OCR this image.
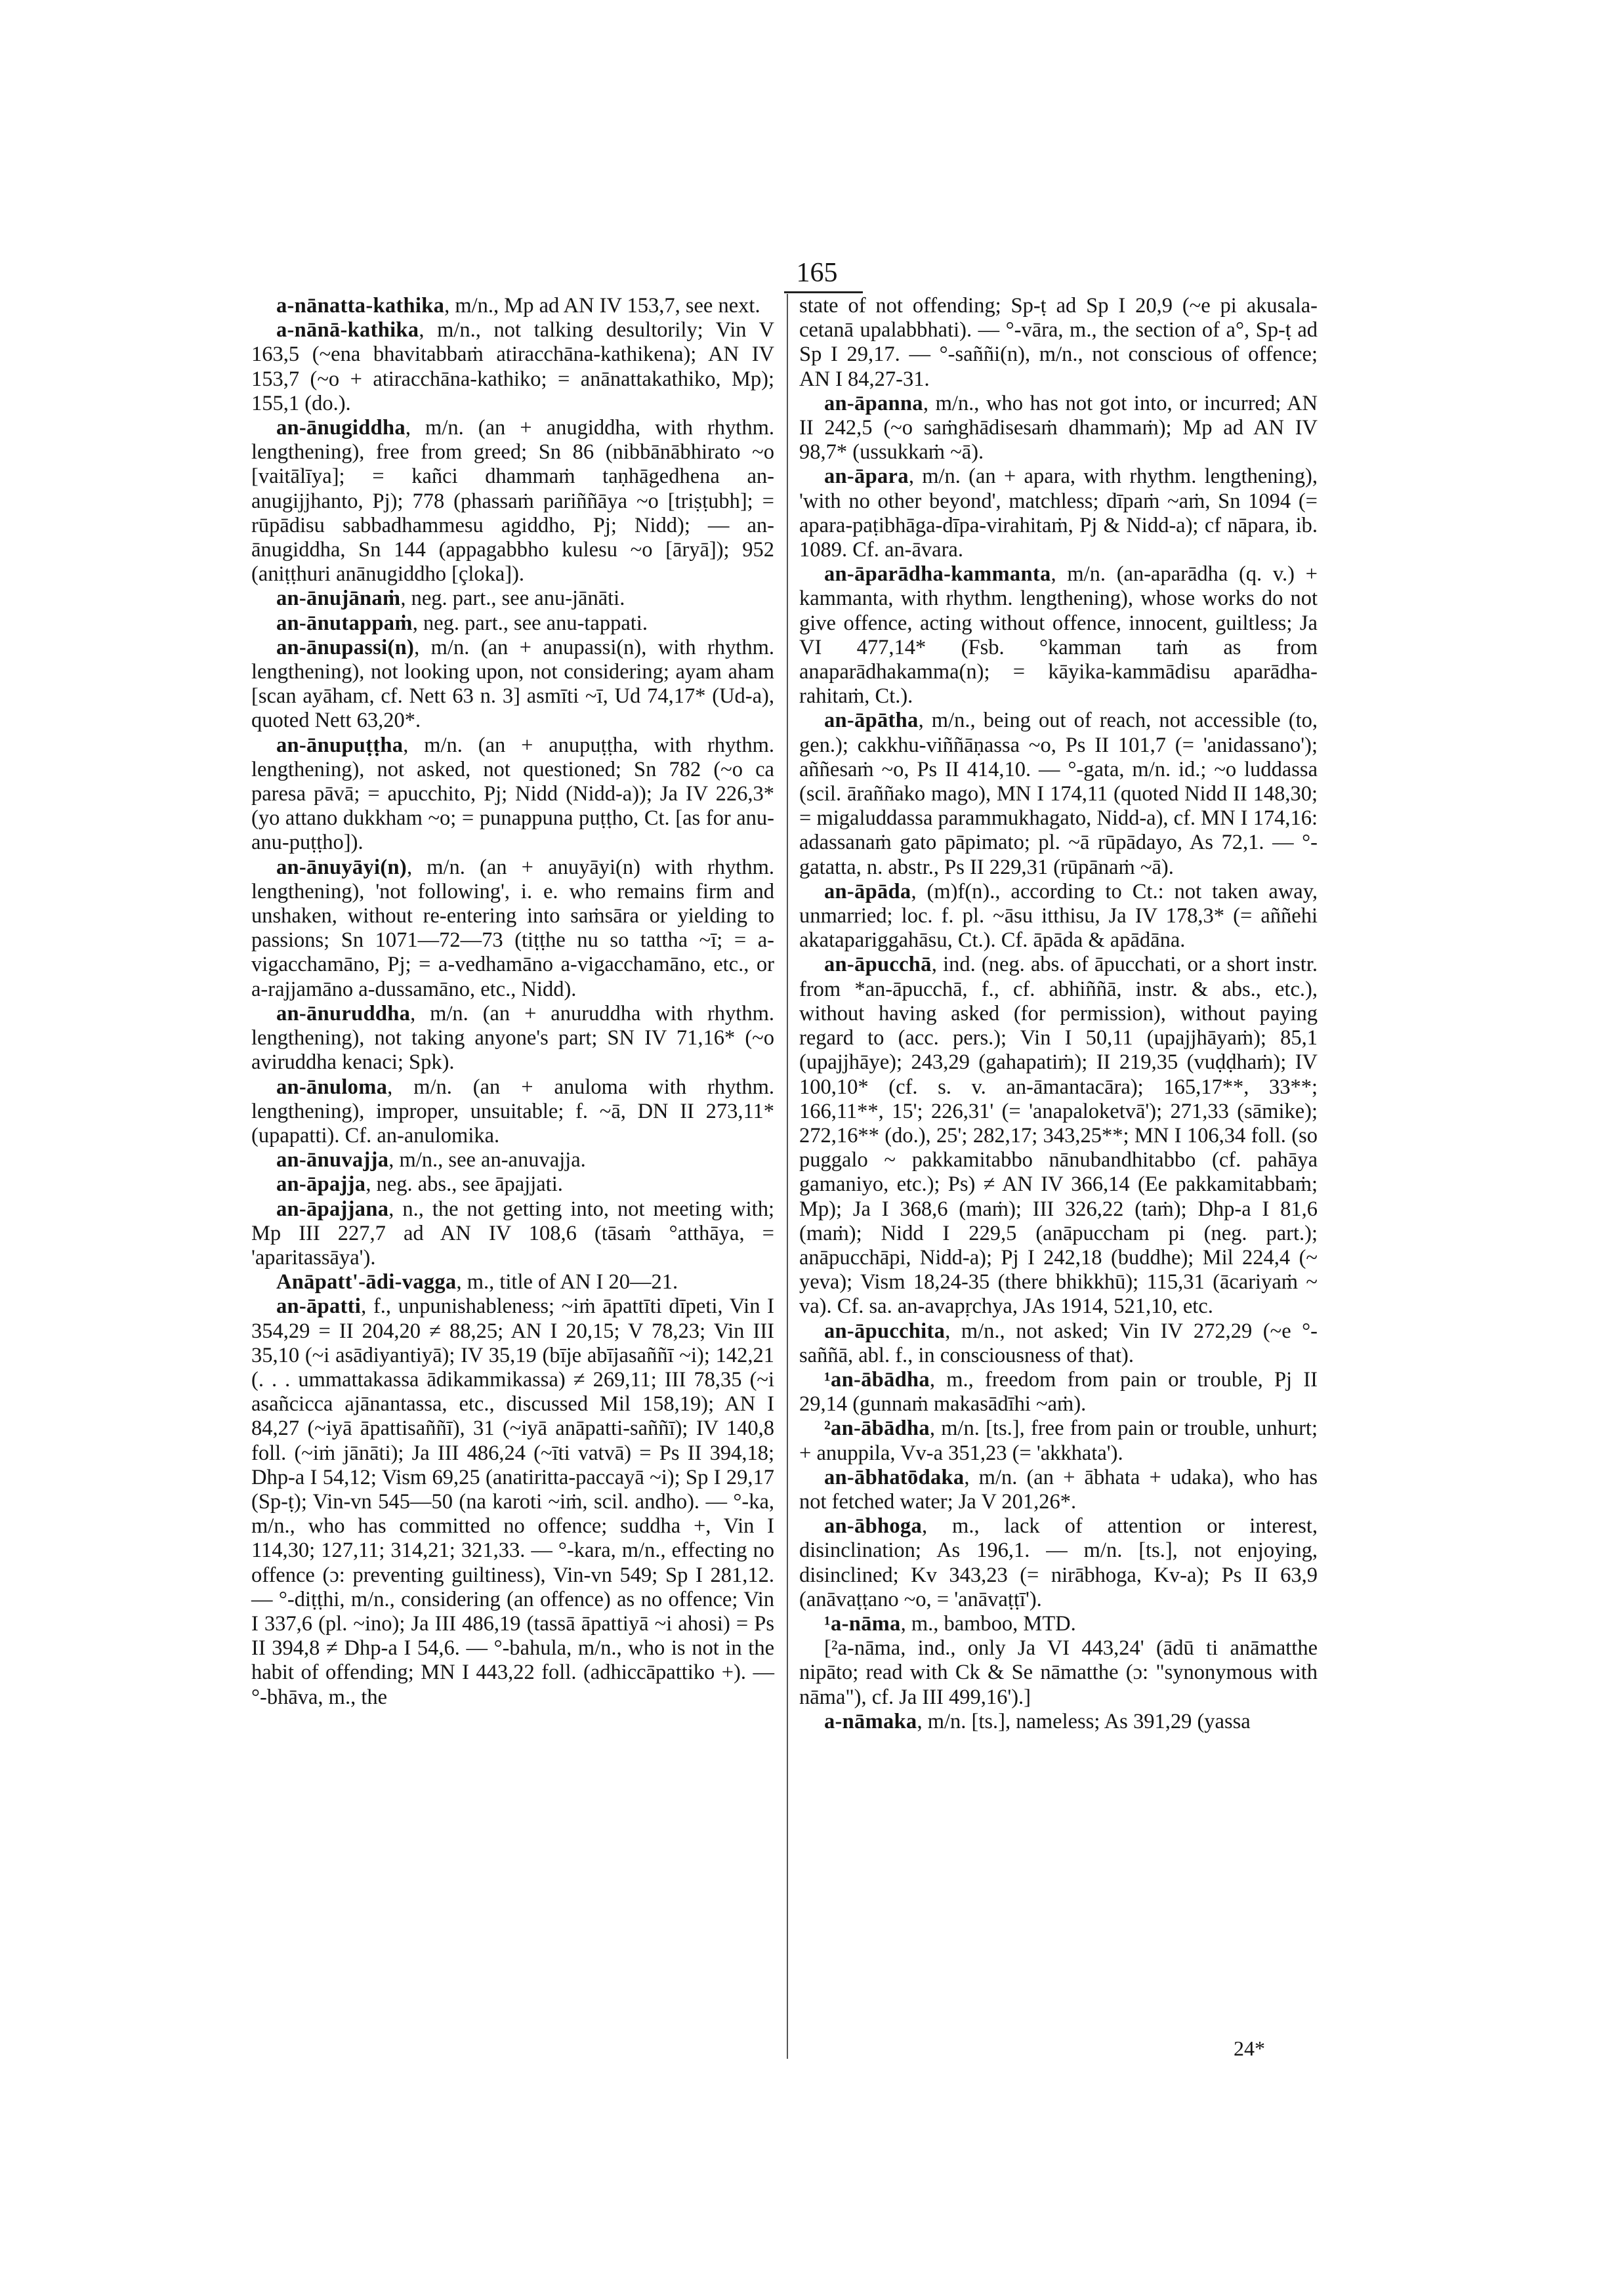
165

a-nānatta-kathika, m/n., Mp ad AN IV 153,7, see next.

a-nānā-kathika, m/n., not talking desultorily; Vin V 163,5 (~ena bhavitabbaṁ atiracchāna-kathikena); AN IV 153,7 (~o + atiracchāna-kathiko; = anānattakathiko, Mp); 155,1 (do.).

an-ānugiddha, m/n. (an + anugiddha, with rhythm. lengthening), free from greed; Sn 86 (nibbānābhirato ~o [vaitālīya]; = kañci dhammaṁ taṇhāgedhena an-anugijjhanto, Pj); 778 (phassaṁ pariññāya ~o [triṣṭubh]; = rūpādisu sabbadhammesu agiddho, Pj; Nidd); — an-ānugiddha, Sn 144 (appagabbho kulesu ~o [āryā]); 952 (aniṭṭhuri anānugiddho [çloka]).

an-ānujānaṁ, neg. part., see anu-jānāti.

an-ānutappaṁ, neg. part., see anu-tappati.

an-ānupassi(n), m/n. (an + anupassi(n), with rhythm. lengthening), not looking upon, not considering; ayam aham [scan ayāham, cf. Nett 63 n. 3] asmīti ~ī, Ud 74,17* (Ud-a), quoted Nett 63,20*.

an-ānupuṭṭha, m/n. (an + anupuṭṭha, with rhythm. lengthening), not asked, not questioned; Sn 782 (~o ca paresa pāvā; = apucchito, Pj; Nidd (Nidd-a)); Ja IV 226,3* (yo attano dukkham ~o; = punappuna puṭṭho, Ct. [as for anu-anu-puṭṭho]).

an-ānuyāyi(n), m/n. (an + anuyāyi(n) with rhythm. lengthening), 'not following', i. e. who remains firm and unshaken, without re-entering into saṁsāra or yielding to passions; Sn 1071—72—73 (tiṭṭhe nu so tattha ~ī; = a-vigacchamāno, Pj; = a-vedhamāno a-vigacchamāno, etc., or a-rajjamāno a-dussamāno, etc., Nidd).

an-ānuruddha, m/n. (an + anuruddha with rhythm. lengthening), not taking anyone's part; SN IV 71,16* (~o aviruddha kenaci; Spk).

an-ānuloma, m/n. (an + anuloma with rhythm. lengthening), improper, unsuitable; f. ~ā, DN II 273,11* (upapatti). Cf. an-anulomika.

an-ānuvajja, m/n., see an-anuvajja.

an-āpajja, neg. abs., see āpajjati.

an-āpajjana, n., the not getting into, not meeting with; Mp III 227,7 ad AN IV 108,6 (tāsaṁ °atthāya, = 'aparitassāya').

Anāpatt'-ādi-vagga, m., title of AN I 20—21.

an-āpatti, f., unpunishableness; ~iṁ āpattīti dīpeti, Vin I 354,29 = II 204,20 ≠ 88,25; AN I 20,15; V 78,23; Vin III 35,10 (~i asādiyantiyā); IV 35,19 (bīje abījasaññī ~i); 142,21 (. . . ummattakassa ādikammikassa) ≠ 269,11; III 78,35 (~i asañcicca ajānantassa, etc., discussed Mil 158,19); AN I 84,27 (~iyā āpattisaññī), 31 (~iyā anāpatti-saññī); IV 140,8 foll. (~iṁ jānāti); Ja III 486,24 (~īti vatvā) = Ps II 394,18; Dhp-a I 54,12; Vism 69,25 (anatiritta-paccayā ~i); Sp I 29,17 (Sp-ṭ); Vin-vn 545—50 (na karoti ~iṁ, scil. andho). — °-ka, m/n., who has committed no offence; suddha +, Vin I 114,30; 127,11; 314,21; 321,33. — °-kara, m/n., effecting no offence (ɔ: preventing guiltiness), Vin-vn 549; Sp I 281,12. — °-diṭṭhi, m/n., considering (an offence) as no offence; Vin I 337,6 (pl. ~ino); Ja III 486,19 (tassā āpattiyā ~i ahosi) = Ps II 394,8 ≠ Dhp-a I 54,6. — °-bahula, m/n., who is not in the habit of offending; MN I 443,22 foll. (adhiccāpattiko +). — °-bhāva, m., the

state of not offending; Sp-ṭ ad Sp I 20,9 (~e pi akusala-cetanā upalabbhati). — °-vāra, m., the section of a°, Sp-ṭ ad Sp I 29,17. — °-saññi(n), m/n., not conscious of offence; AN I 84,27-31.

an-āpanna, m/n., who has not got into, or incurred; AN II 242,5 (~o saṁghādisesaṁ dhammaṁ); Mp ad AN IV 98,7* (ussukkaṁ ~ā).

an-āpara, m/n. (an + apara, with rhythm. lengthening), 'with no other beyond', matchless; dīpaṁ ~aṁ, Sn 1094 (= apara-paṭibhāga-dīpa-virahitaṁ, Pj & Nidd-a); cf nāpara, ib. 1089. Cf. an-āvara.

an-āparādha-kammanta, m/n. (an-aparādha (q. v.) + kammanta, with rhythm. lengthening), whose works do not give offence, acting without offence, innocent, guiltless; Ja VI 477,14* (Fsb. °kamman taṁ as from anaparādhakamma(n); = kāyika-kammādisu aparādha-rahitaṁ, Ct.).

an-āpātha, m/n., being out of reach, not accessible (to, gen.); cakkhu-viññāṇassa ~o, Ps II 101,7 (= 'anidassano'); aññesaṁ ~o, Ps II 414,10. — °-gata, m/n. id.; ~o luddassa (scil. āraññako mago), MN I 174,11 (quoted Nidd II 148,30; = migaluddassa parammukhagato, Nidd-a), cf. MN I 174,16: adassanaṁ gato pāpimato; pl. ~ā rūpādayo, As 72,1. — °-gatatta, n. abstr., Ps II 229,31 (rūpānaṁ ~ā).

an-āpāda, (m)f(n)., according to Ct.: not taken away, unmarried; loc. f. pl. ~āsu itthisu, Ja IV 178,3* (= aññehi akatapariggahāsu, Ct.). Cf. āpāda & apādāna.

an-āpucchā, ind. (neg. abs. of āpucchati, or a short instr. from *an-āpucchā, f., cf. abhiññā, instr. & abs., etc.), without having asked (for permission), without paying regard to (acc. pers.); Vin I 50,11 (upajjhāyaṁ); 85,1 (upajjhāye); 243,29 (gahapatiṁ); II 219,35 (vuḍḍhaṁ); IV 100,10* (cf. s. v. an-āmantacāra); 165,17**, 33**; 166,11**, 15'; 226,31' (= 'anapaloketvā'); 271,33 (sāmike); 272,16** (do.), 25'; 282,17; 343,25**; MN I 106,34 foll. (so puggalo ~ pakkamitabbo nānubandhitabbo (cf. pahāya gamaniyo, etc.); Ps) ≠ AN IV 366,14 (Ee pakkamitabbaṁ; Mp); Ja I 368,6 (maṁ); III 326,22 (taṁ); Dhp-a I 81,6 (maṁ); Nidd I 229,5 (anāpuccham pi (neg. part.); anāpucchāpi, Nidd-a); Pj I 242,18 (buddhe); Mil 224,4 (~ yeva); Vism 18,24-35 (there bhikkhū); 115,31 (ācariyaṁ ~ va). Cf. sa. an-avapṛchya, JAs 1914, 521,10, etc.

an-āpucchita, m/n., not asked; Vin IV 272,29 (~e °-saññā, abl. f., in consciousness of that).

¹an-ābādha, m., freedom from pain or trouble, Pj II 29,14 (gunnaṁ makasādīhi ~aṁ).

²an-ābādha, m/n. [ts.], free from pain or trouble, unhurt; + anuppila, Vv-a 351,23 (= 'akkhata').

an-ābhatōdaka, m/n. (an + ābhata + udaka), who has not fetched water; Ja V 201,26*.

an-ābhoga, m., lack of attention or interest, disinclination; As 196,1. — m/n. [ts.], not enjoying, disinclined; Kv 343,23 (= nirābhoga, Kv-a); Ps II 63,9 (anāvaṭṭano ~o, = 'anāvaṭṭī').

¹a-nāma, m., bamboo, MTD.

[²a-nāma, ind., only Ja VI 443,24' (ādū ti anāmatthe nipāto; read with Ck & Se nāmatthe (ɔ: "synonymous with nāma"), cf. Ja III 499,16').]

a-nāmaka, m/n. [ts.], nameless; As 391,29 (yassa

24*
